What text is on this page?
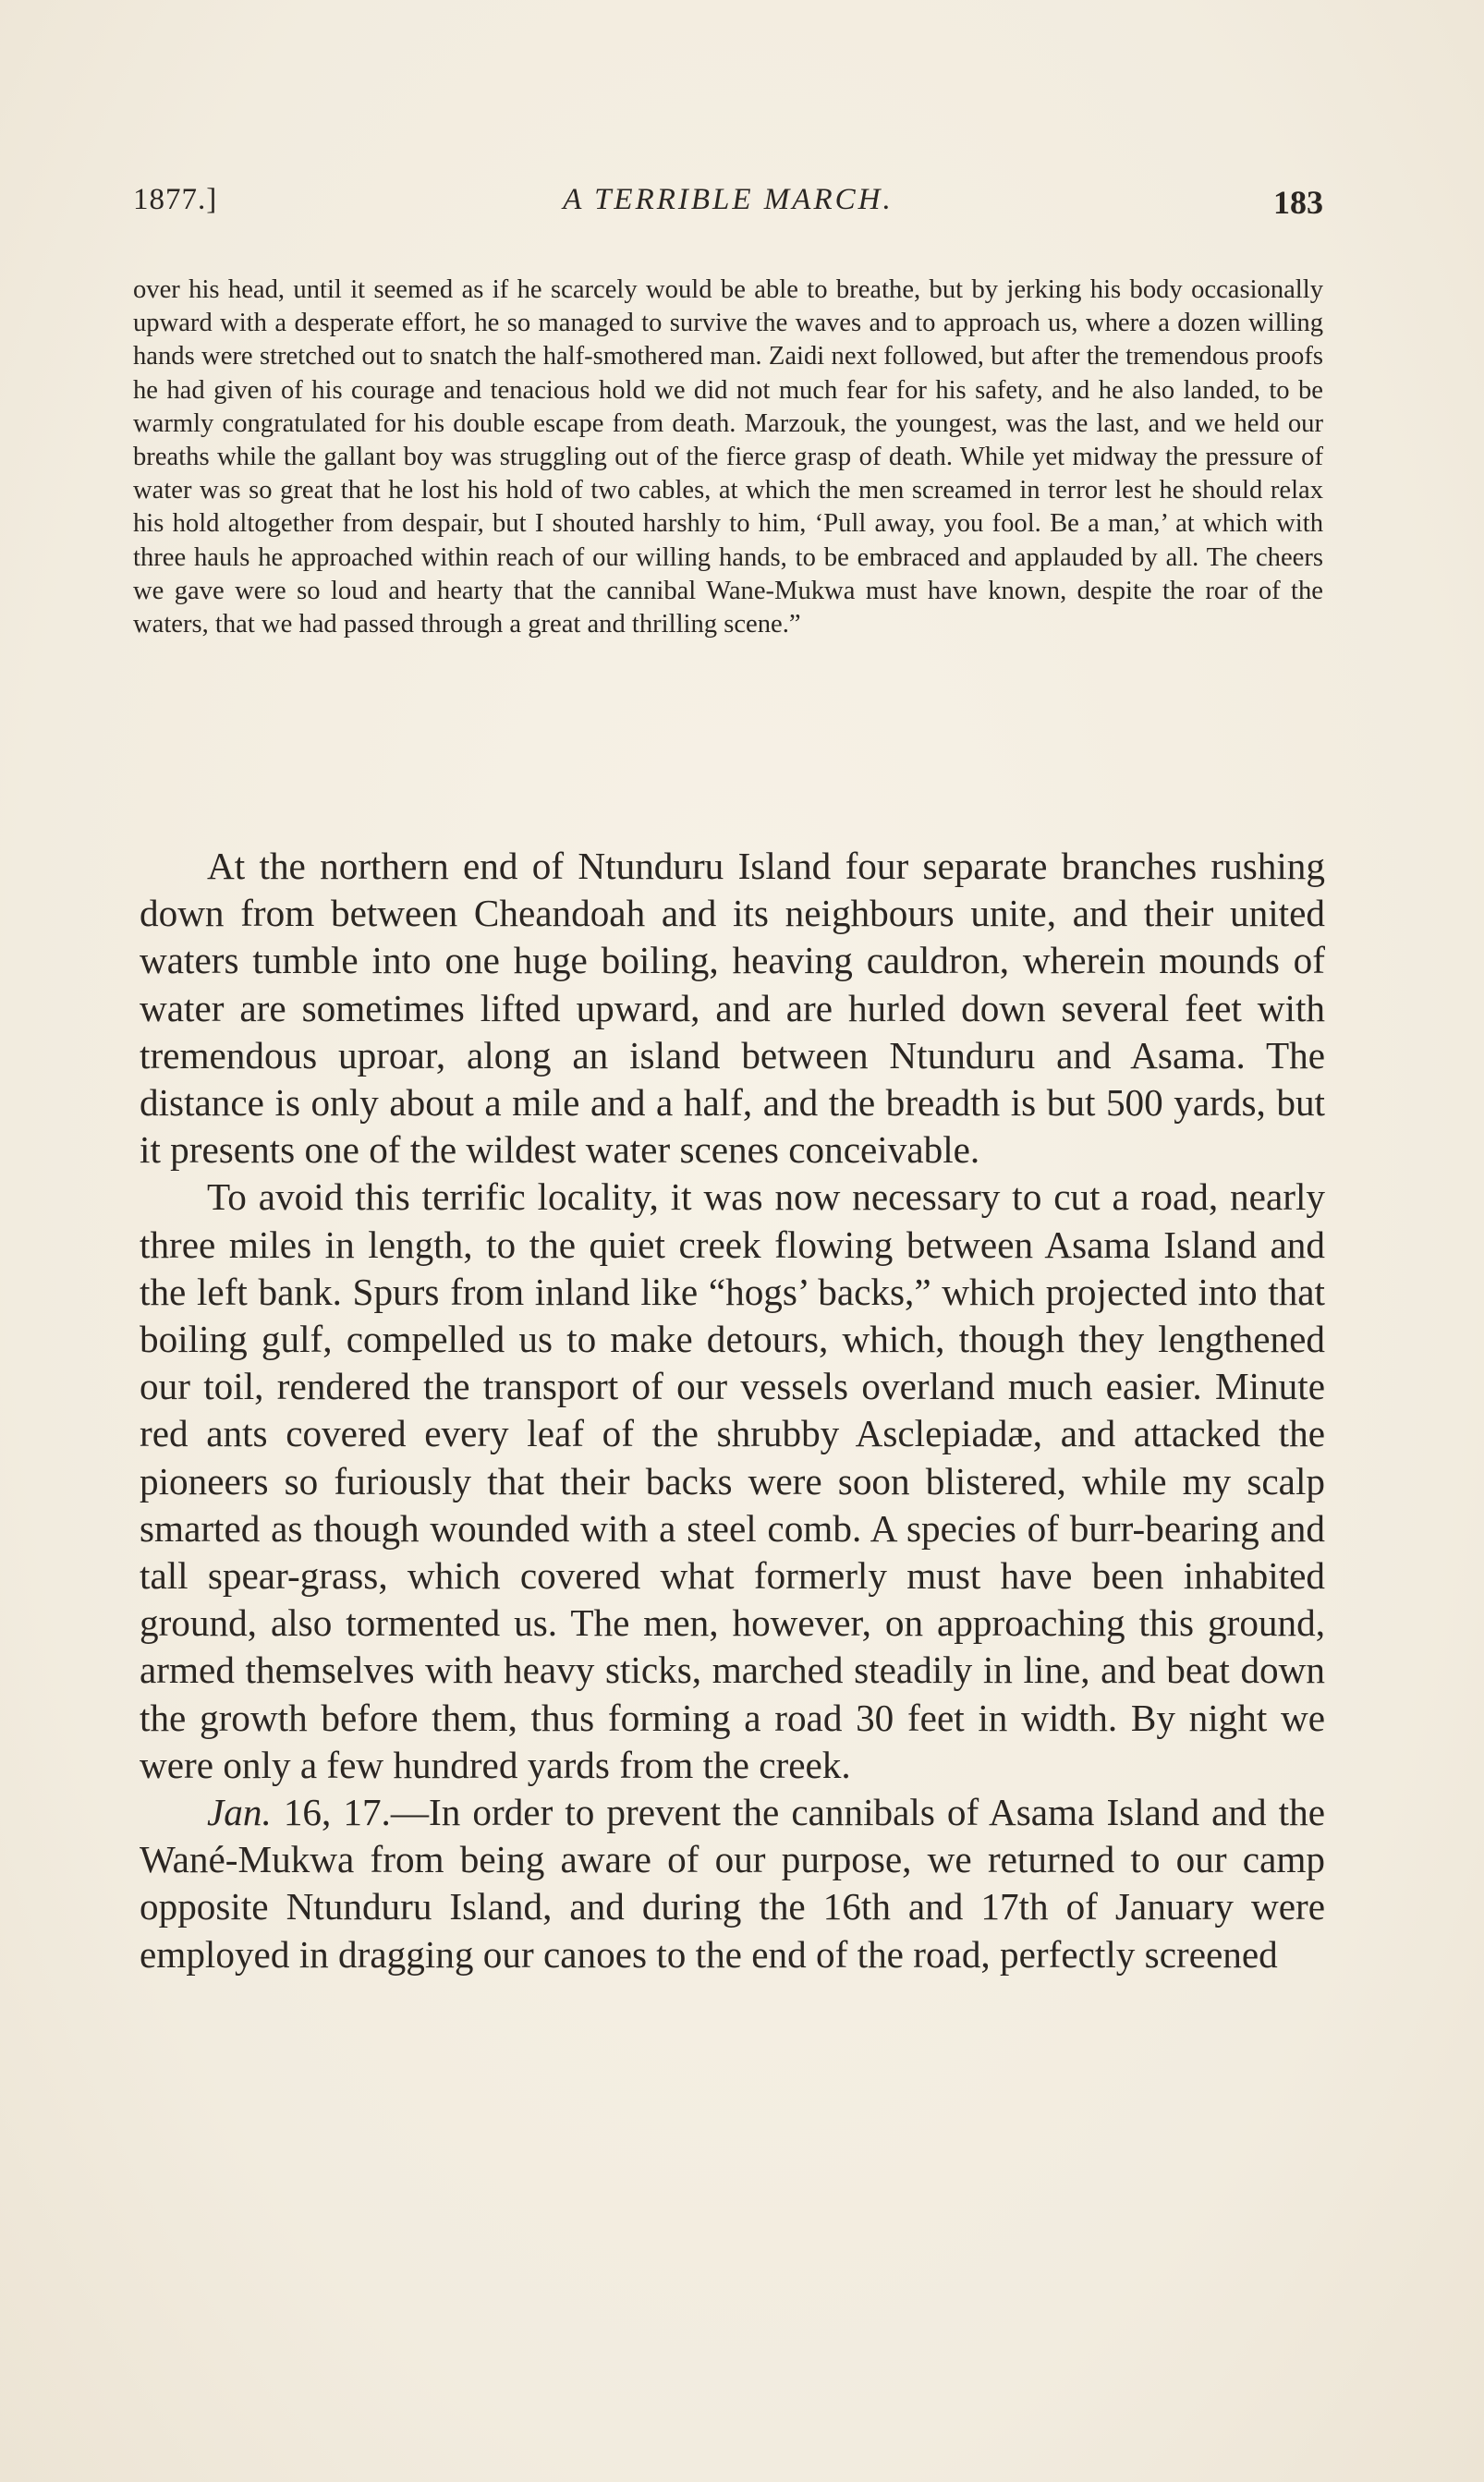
1877.]	A TERRIBLE MARCH.	183
over his head, until it seemed as if he scarcely would be able to breathe, but by jerking his body occasionally upward with a desperate effort, he so managed to survive the waves and to approach us, where a dozen willing hands were stretched out to snatch the half-smothered man. Zaidi next followed, but after the tremendous proofs he had given of his courage and tenacious hold we did not much fear for his safety, and he also landed, to be warmly congratulated for his double escape from death. Marzouk, the youngest, was the last, and we held our breaths while the gallant boy was struggling out of the fierce grasp of death. While yet midway the pressure of water was so great that he lost his hold of two cables, at which the men screamed in terror lest he should relax his hold altogether from despair, but I shouted harshly to him, ‘Pull away, you fool. Be a man,’ at which with three hauls he approached within reach of our willing hands, to be embraced and applauded by all. The cheers we gave were so loud and hearty that the cannibal Wane-Mukwa must have known, despite the roar of the waters, that we had passed through a great and thrilling scene.”

At the northern end of Ntunduru Island four separate branches rushing down from between Cheandoah and its neighbours unite, and their united waters tumble into one huge boiling, heaving cauldron, wherein mounds of water are sometimes lifted upward, and are hurled down several feet with tremendous uproar, along an island between Ntunduru and Asama. The distance is only about a mile and a half, and the breadth is but 500 yards, but it presents one of the wildest water scenes conceivable.

To avoid this terrific locality, it was now necessary to cut a road, nearly three miles in length, to the quiet creek flowing between Asama Island and the left bank. Spurs from inland like “hogs’ backs,” which projected into that boiling gulf, compelled us to make detours, which, though they lengthened our toil, rendered the transport of our vessels overland much easier. Minute red ants covered every leaf of the shrubby Asclepiadæ, and attacked the pioneers so furiously that their backs were soon blistered, while my scalp smarted as though wounded with a steel comb. A species of burr-bearing and tall spear-grass, which covered what formerly must have been inhabited ground, also tormented us. The men, however, on approaching this ground, armed themselves with heavy sticks, marched steadily in line, and beat down the growth before them, thus forming a road 30 feet in width. By night we were only a few hundred yards from the creek.

Jan. 16, 17.—In order to prevent the cannibals of Asama Island and the Wané-Mukwa from being aware of our purpose, we returned to our camp opposite Ntunduru Island, and during the 16th and 17th of January were employed in dragging our canoes to the end of the road, perfectly screened
